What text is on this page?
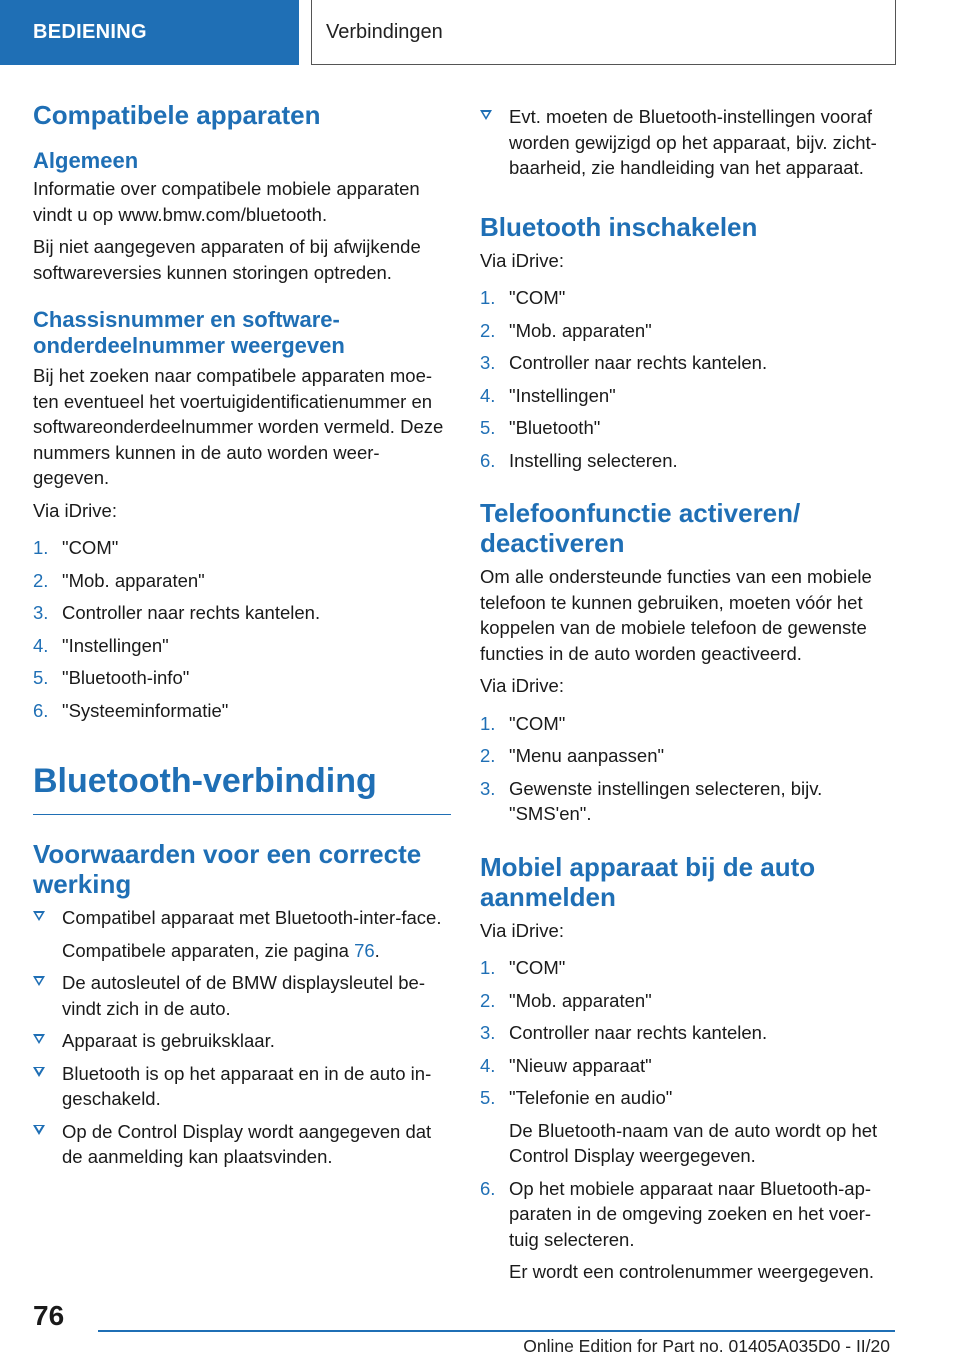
BEDIENING	Verbindingen
Compatibele apparaten
Algemeen

Informatie over compatibele mobiele apparaten vindt u op www.bmw.com/bluetooth.

Bij niet aangegeven apparaten of bij afwijkende softwareversies kunnen storingen optreden.

Chassisnummer en software-onderdeelnummer weergeven

Bij het zoeken naar compatibele apparaten moe-ten eventueel het voertuigidentificatienummer en softwareonderdeelnummer worden vermeld. Deze nummers kunnen in de auto worden weer-gegeven.

Via iDrive:

1. "COM"
2. "Mob. apparaten"
3. Controller naar rechts kantelen.
4. "Instellingen"
5. "Bluetooth-info"
6. "Systeeminformatie"
Bluetooth-verbinding
Voorwaarden voor een correcte werking
Compatibel apparaat met Bluetooth-inter-face.
Compatibele apparaten, zie pagina 76.
De autosleutel of de BMW displaysleutel be-vindt zich in de auto.
Apparaat is gebruiksklaar.
Bluetooth is op het apparaat en in de auto in-geschakeld.
Op de Control Display wordt aangegeven dat de aanmelding kan plaatsvinden.
Evt. moeten de Bluetooth-instellingen vooraf worden gewijzigd op het apparaat, bijv. zicht-baarheid, zie handleiding van het apparaat.
Bluetooth inschakelen

Via iDrive:

1. "COM"
2. "Mob. apparaten"
3. Controller naar rechts kantelen.
4. "Instellingen"
5. "Bluetooth"
6. Instelling selecteren.
Telefoonfunctie activeren/ deactiveren

Om alle ondersteunde functies van een mobiele telefoon te kunnen gebruiken, moeten vóór het koppelen van de mobiele telefoon de gewenste functies in de auto worden geactiveerd.

Via iDrive:

1. "COM"
2. "Menu aanpassen"
3. Gewenste instellingen selecteren, bijv. "SMS'en".
Mobiel apparaat bij de auto aanmelden

Via iDrive:

1. "COM"
2. "Mob. apparaten"
3. Controller naar rechts kantelen.
4. "Nieuw apparaat"
5. "Telefonie en audio"
De Bluetooth-naam van de auto wordt op het Control Display weergegeven.
6. Op het mobiele apparaat naar Bluetooth-ap-paraten in de omgeving zoeken en het voer-tuig selecteren.
Er wordt een controlenummer weergegeven.
76
Online Edition for Part no. 01405A035D0 - II/20
